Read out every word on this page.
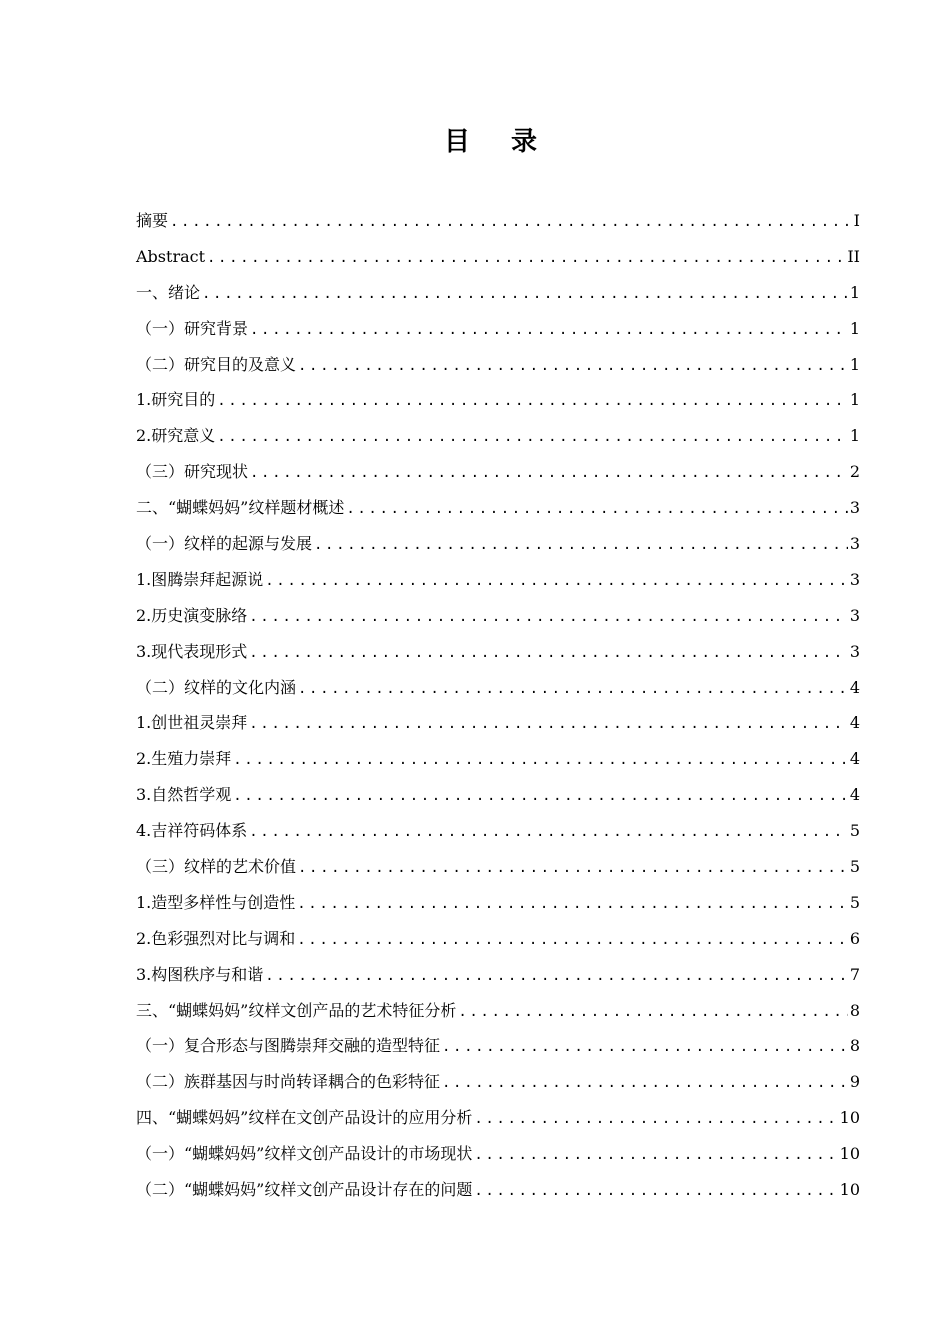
目 录
摘要 .....	I
Abstract .....	II
一、绪论 .....	1
（一）研究背景 .....	1
（二）研究目的及意义 .....	1
1.研究目的 .....	1
2.研究意义 .....	1
（三）研究现状 .....	2
二、“蝴蝶妈妈”纹样题材概述 .....	3
（一）纹样的起源与发展 .....	3
1.图腾崇拜起源说 .....	3
2.历史演变脉络 .....	3
3.现代表现形式 .....	3
（二）纹样的文化内涵 .....	4
1.创世祖灵崇拜 .....	4
2.生殖力崇拜 .....	4
3.自然哲学观 .....	4
4.吉祥符码体系 .....	5
（三）纹样的艺术价值 .....	5
1.造型多样性与创造性 .....	5
2.色彩强烈对比与调和 .....	6
3.构图秩序与和谐 .....	7
三、“蝴蝶妈妈”纹样文创产品的艺术特征分析 .....	8
（一）复合形态与图腾崇拜交融的造型特征 .....	8
（二）族群基因与时尚转译耦合的色彩特征 .....	9
四、“蝴蝶妈妈”纹样在文创产品设计的应用分析 .....	10
（一）“蝴蝶妈妈”纹样文创产品设计的市场现状 .....	10
（二）“蝴蝶妈妈”纹样文创产品设计存在的问题 .....	10
